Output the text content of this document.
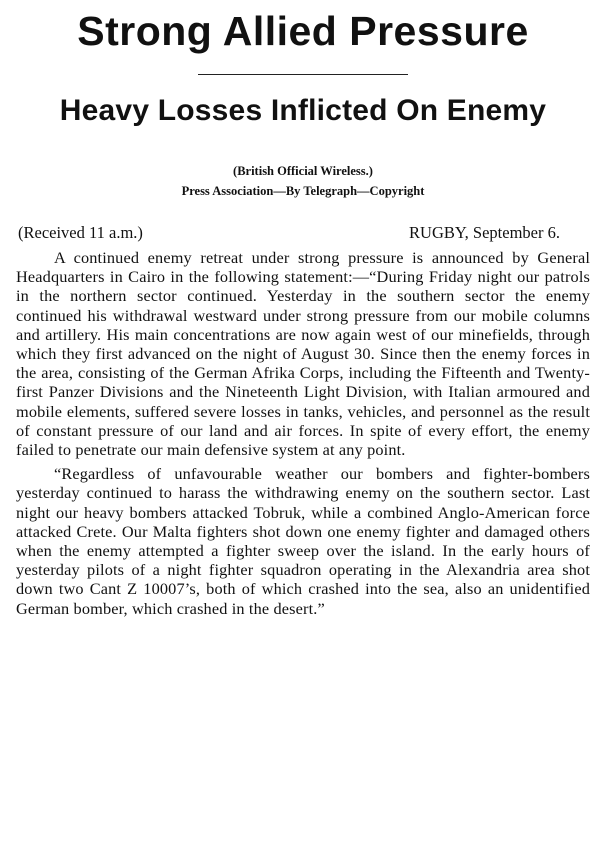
Strong Allied Pressure
Heavy Losses Inflicted On Enemy
(British Official Wireless.)
Press Association—By Telegraph—Copyright
(Received 11 a.m.)	RUGBY, September 6.

A continued enemy retreat under strong pressure is announced by General Headquarters in Cairo in the following statement:—“During Friday night our patrols in the northern sector continued. Yesterday in the southern sector the enemy continued his withdrawal westward under strong pressure from our mobile columns and artillery. His main concentrations are now again west of our minefields, through which they first advanced on the night of August 30. Since then the enemy forces in the area, consisting of the German Afrika Corps, including the Fifteenth and Twenty-first Panzer Divisions and the Nineteenth Light Division, with Italian armoured and mobile elements, suffered severe losses in tanks, vehicles, and personnel as the result of constant pressure of our land and air forces. In spite of every effort, the enemy failed to penetrate our main defensive system at any point.

“Regardless of unfavourable weather our bombers and fighter-bombers yesterday continued to harass the withdrawing enemy on the southern sector. Last night our heavy bombers attacked Tobruk, while a combined Anglo-American force attacked Crete. Our Malta fighters shot down one enemy fighter and damaged others when the enemy attempted a fighter sweep over the island. In the early hours of yesterday pilots of a night fighter squadron operating in the Alexandria area shot down two Cant Z 10007’s, both of which crashed into the sea, also an unidentified German bomber, which crashed in the desert.”
